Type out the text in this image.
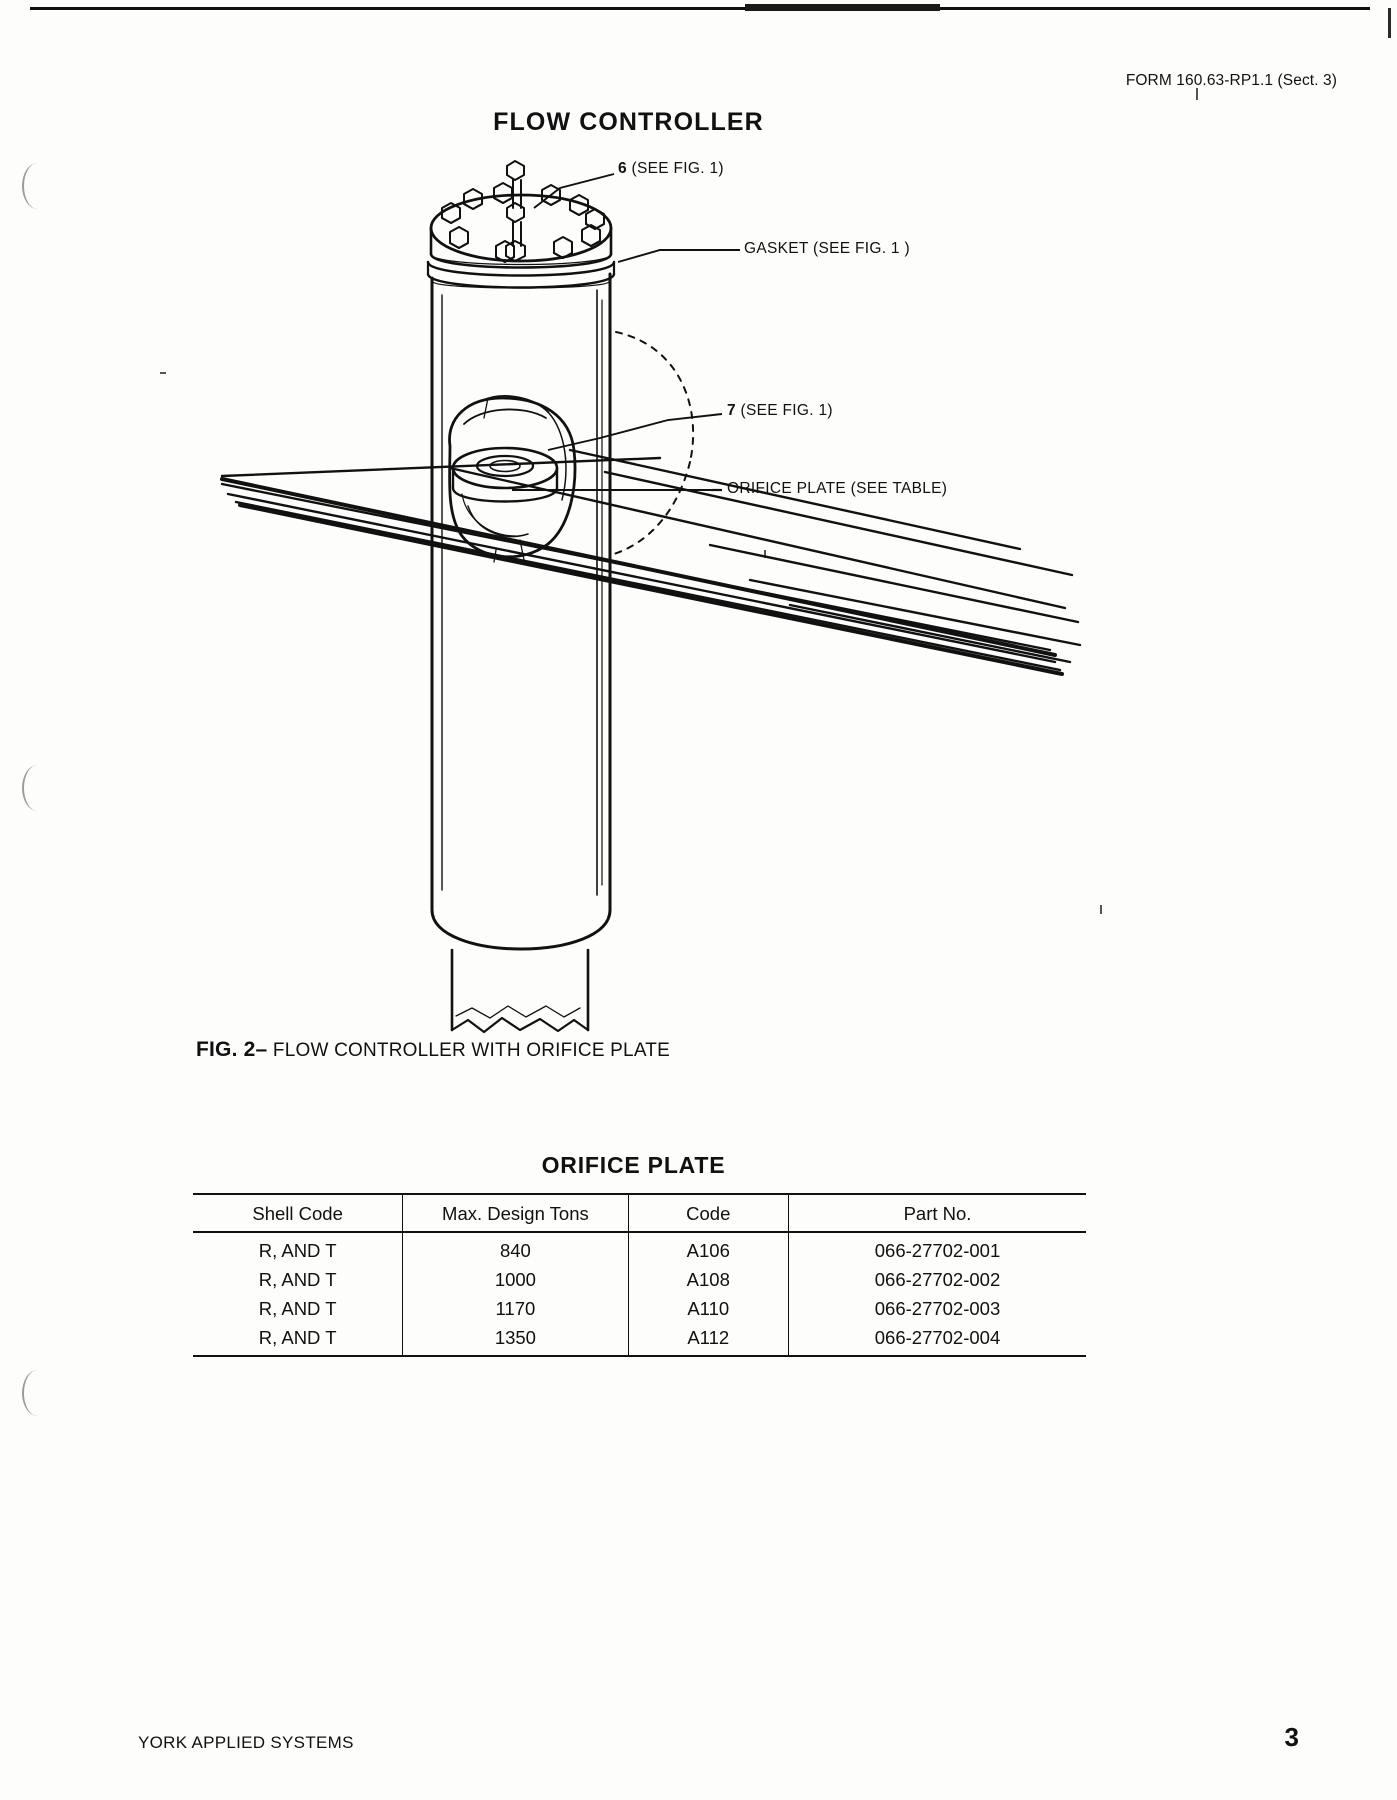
FORM 160.63-RP1.1 (Sect. 3)
FLOW CONTROLLER
6 (SEE FIG. 1)
GASKET (SEE FIG. 1 )
7 (SEE FIG. 1)
ORIFICE PLATE (SEE TABLE)
FIG. 2– FLOW CONTROLLER WITH ORIFICE PLATE
ORIFICE PLATE
Shell Code	Max. Design Tons	Code	Part No.
R, AND T	840	A106	066-27702-001
R, AND T	1000	A108	066-27702-002
R, AND T	1170	A110	066-27702-003
R, AND T	1350	A112	066-27702-004
YORK APPLIED SYSTEMS	3
